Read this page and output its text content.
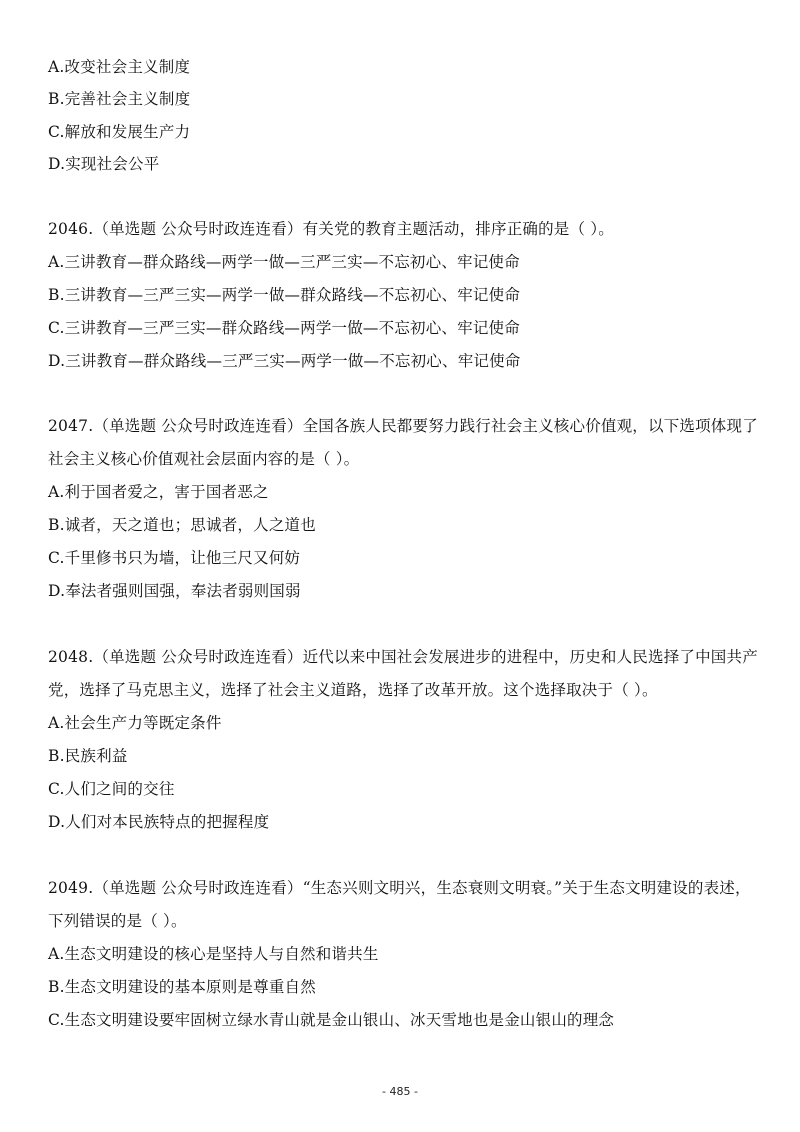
A.改变社会主义制度
B.完善社会主义制度
C.解放和发展生产力
D.实现社会公平
2046.（单选题 公众号时政连连看）有关党的教育主题活动，排序正确的是（ ）。
A.三讲教育—群众路线—两学一做—三严三实—不忘初心、牢记使命
B.三讲教育—三严三实—两学一做—群众路线—不忘初心、牢记使命
C.三讲教育—三严三实—群众路线—两学一做—不忘初心、牢记使命
D.三讲教育—群众路线—三严三实—两学一做—不忘初心、牢记使命
2047.（单选题 公众号时政连连看）全国各族人民都要努力践行社会主义核心价值观，以下选项体现了社会主义核心价值观社会层面内容的是（ ）。
A.利于国者爱之，害于国者恶之
B.诚者，天之道也；思诚者，人之道也
C.千里修书只为墙，让他三尺又何妨
D.奉法者强则国强，奉法者弱则国弱
2048.（单选题 公众号时政连连看）近代以来中国社会发展进步的进程中，历史和人民选择了中国共产党，选择了马克思主义，选择了社会主义道路，选择了改革开放。这个选择取决于（ ）。
A.社会生产力等既定条件
B.民族利益
C.人们之间的交往
D.人们对本民族特点的把握程度
2049.（单选题 公众号时政连连看）“生态兴则文明兴，生态衰则文明衰。”关于生态文明建设的表述，下列错误的是（ ）。
A.生态文明建设的核心是坚持人与自然和谐共生
B.生态文明建设的基本原则是尊重自然
C.生态文明建设要牢固树立绿水青山就是金山银山、冰天雪地也是金山银山的理念
- 485 -
